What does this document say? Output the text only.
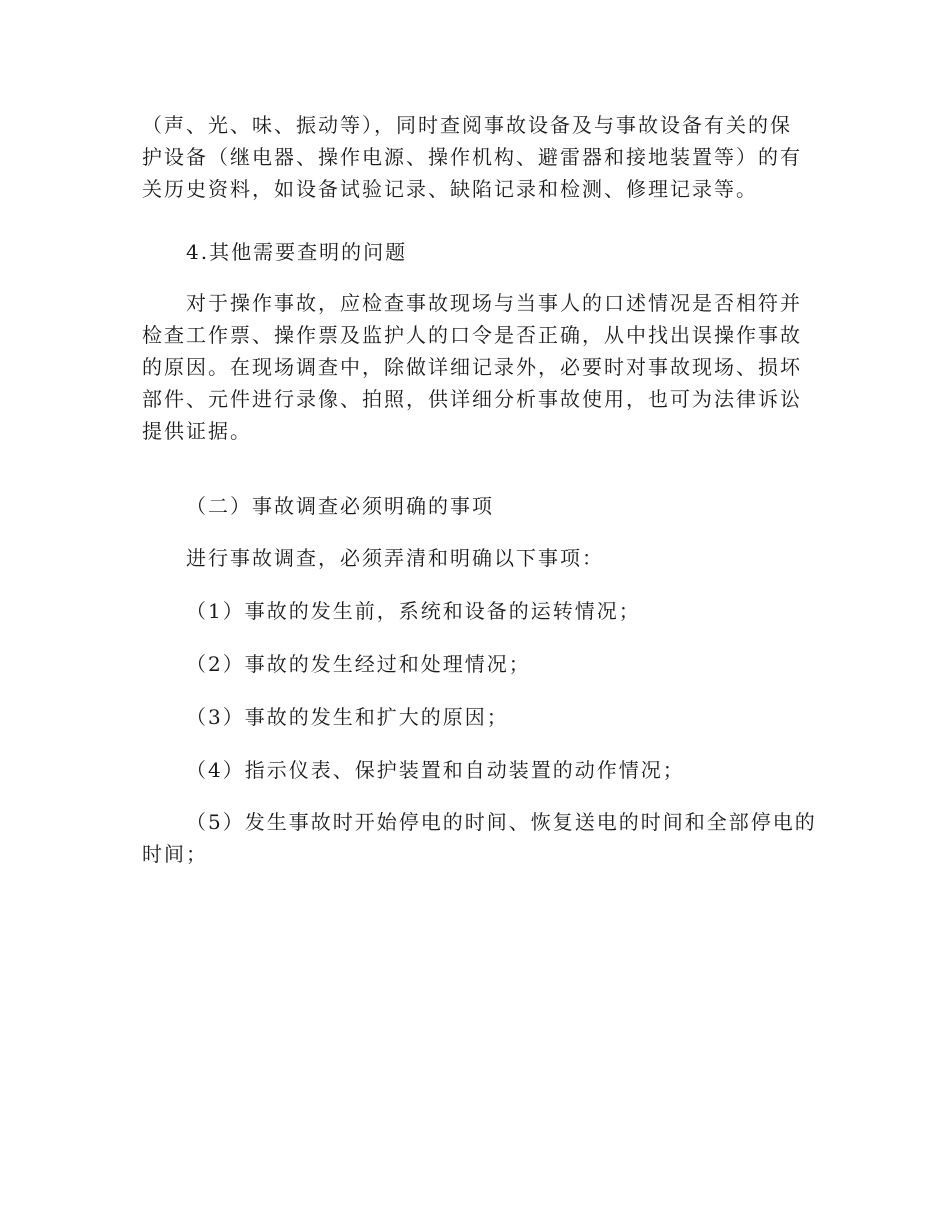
（声、光、味、振动等），同时查阅事故设备及与事故设备有关的保
护设备（继电器、操作电源、操作机构、避雷器和接地装置等）的有
关历史资料，如设备试验记录、缺陷记录和检测、修理记录等。

4.其他需要查明的问题

对于操作事故，应检查事故现场与当事人的口述情况是否相符并
检查工作票、操作票及监护人的口令是否正确，从中找出误操作事故
的原因。在现场调查中，除做详细记录外，必要时对事故现场、损坏
部件、元件进行录像、拍照，供详细分析事故使用，也可为法律诉讼
提供证据。

（二）事故调查必须明确的事项

进行事故调查，必须弄清和明确以下事项：

（1）事故的发生前，系统和设备的运转情况；

（2）事故的发生经过和处理情况；

（3）事故的发生和扩大的原因；

（4）指示仪表、保护装置和自动装置的动作情况；

（5）发生事故时开始停电的时间、恢复送电的时间和全部停电的
时间；
